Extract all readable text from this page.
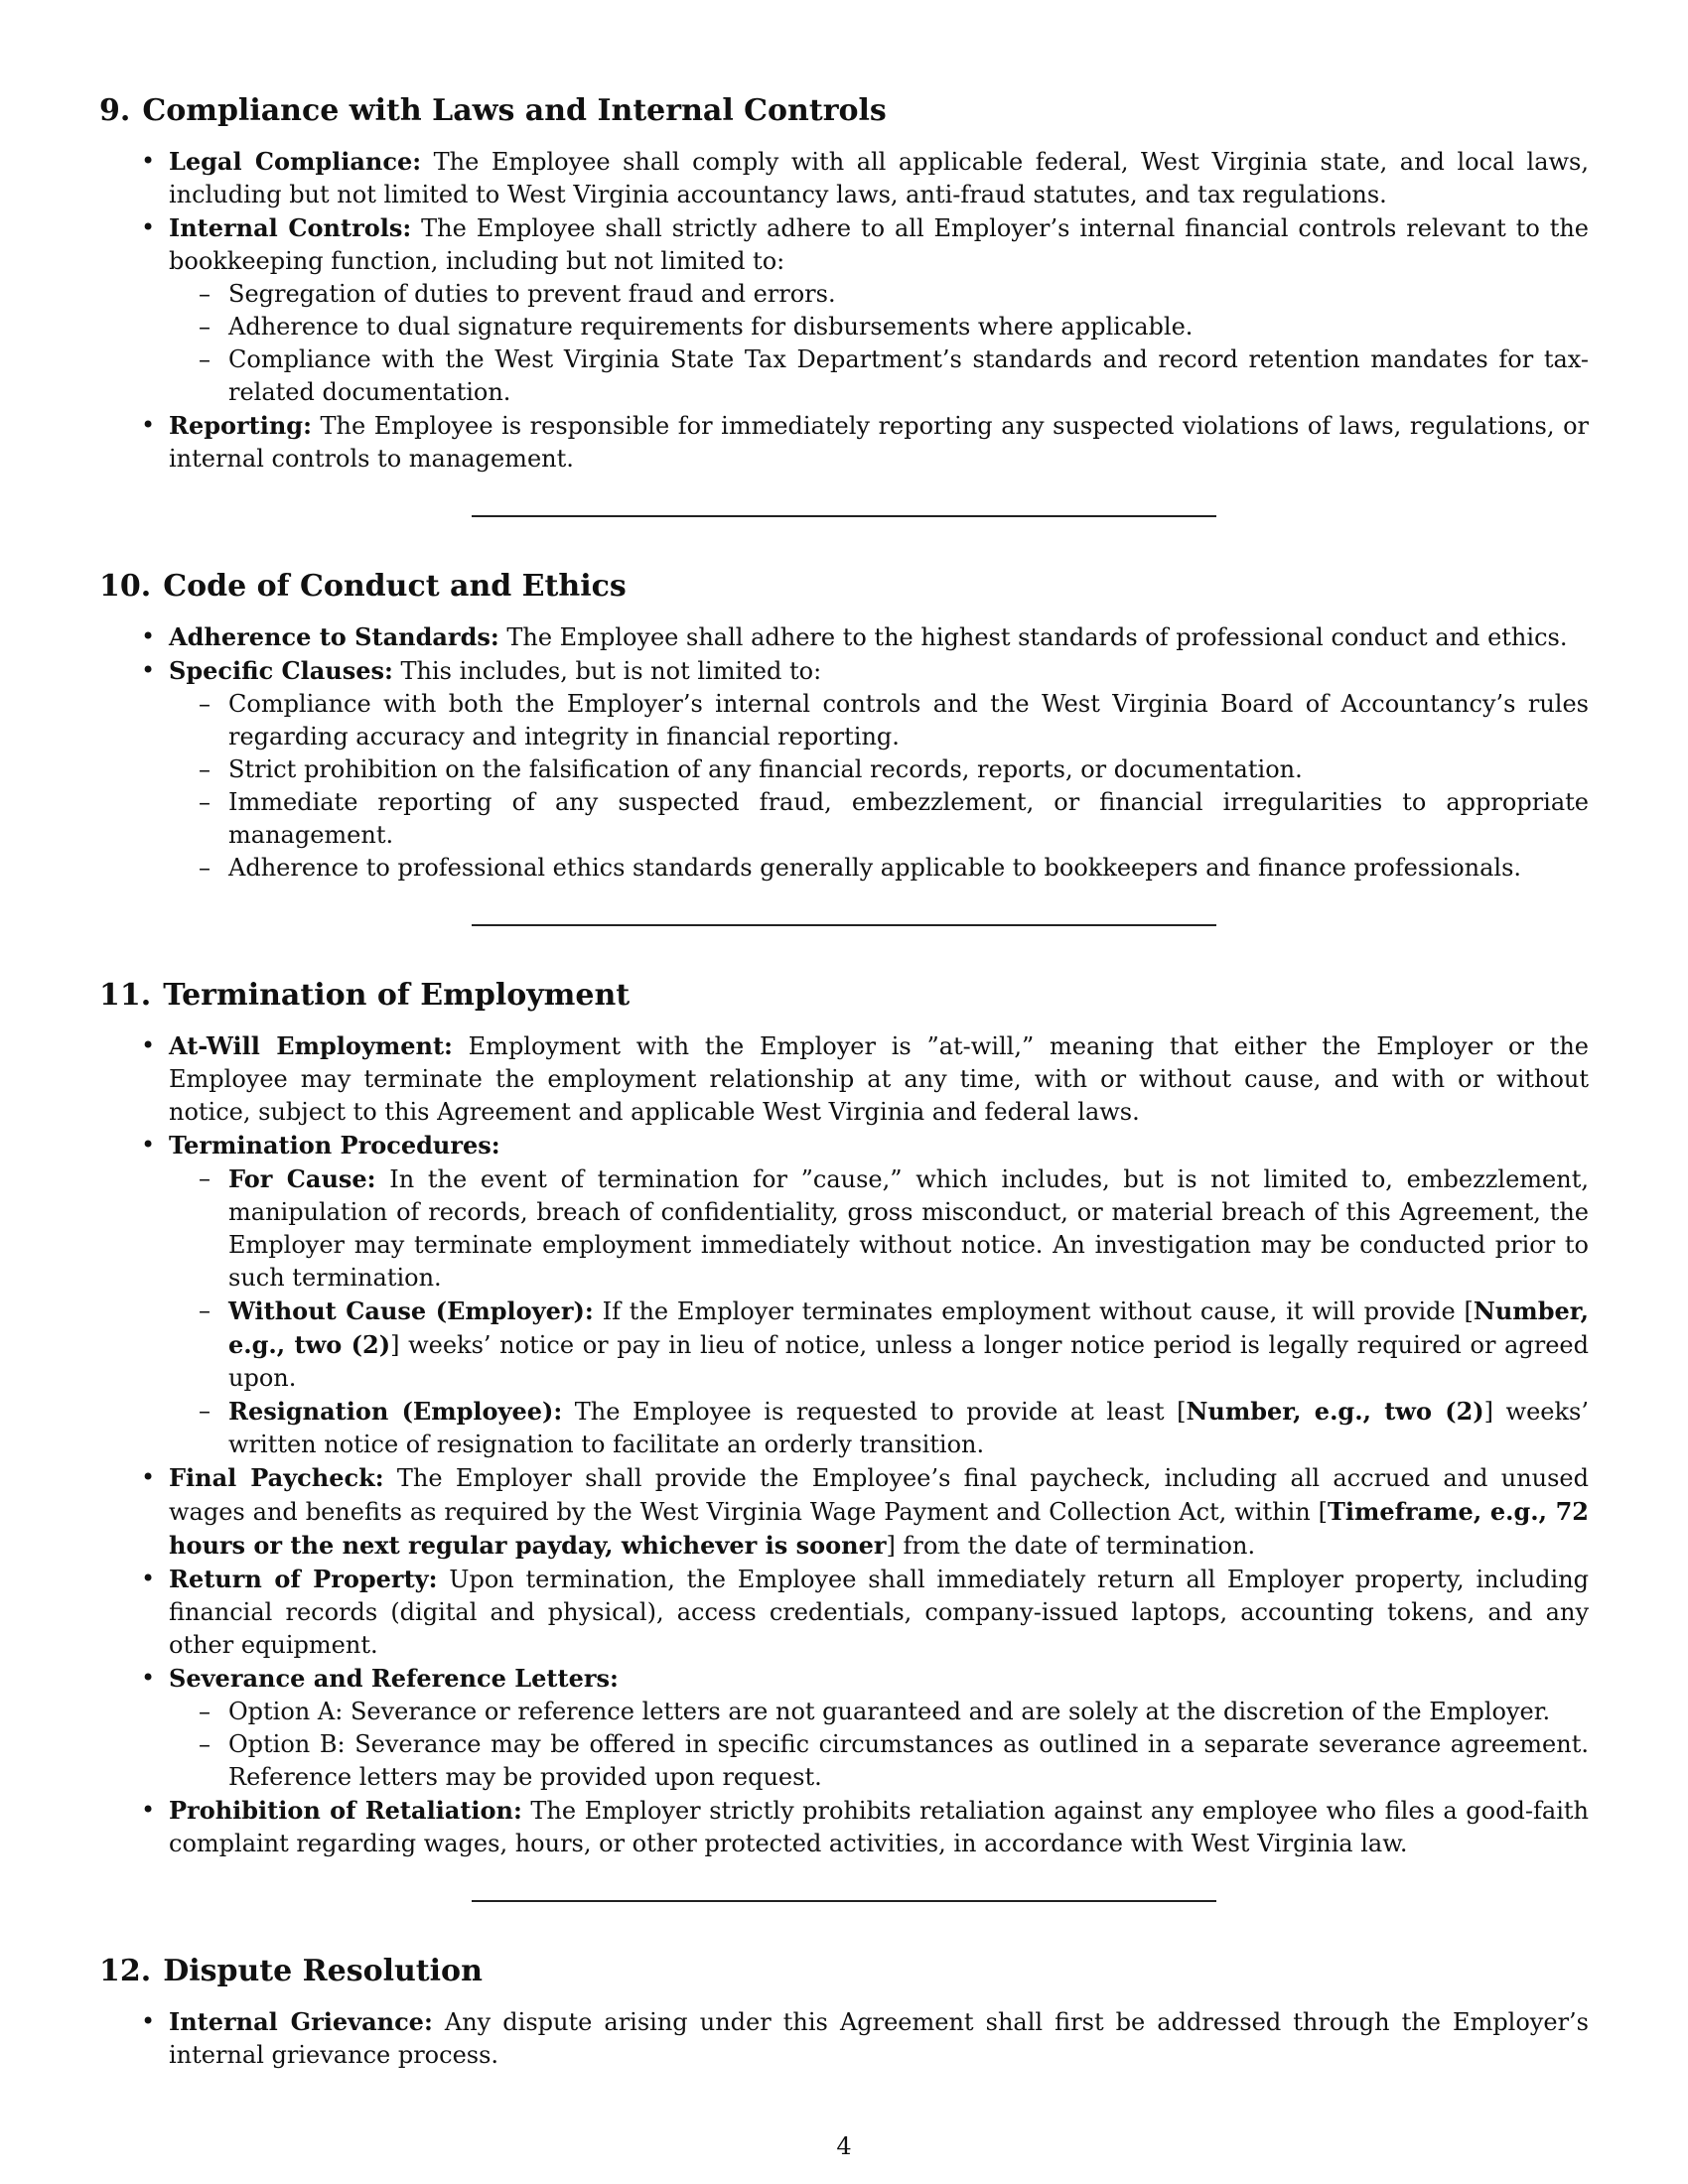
9. Compliance with Laws and Internal Controls
• Legal Compliance: The Employee shall comply with all applicable federal, West Virginia state, and local laws, including but not limited to West Virginia accountancy laws, anti-fraud statutes, and tax regulations.
• Internal Controls: The Employee shall strictly adhere to all Employer’s internal financial controls relevant to the bookkeeping function, including but not limited to:
– Segregation of duties to prevent fraud and errors.
– Adherence to dual signature requirements for disbursements where applicable.
– Compliance with the West Virginia State Tax Department’s standards and record retention mandates for tax-related documentation.
• Reporting: The Employee is responsible for immediately reporting any suspected violations of laws, regulations, or internal controls to management.
10. Code of Conduct and Ethics
• Adherence to Standards: The Employee shall adhere to the highest standards of professional conduct and ethics.
• Specific Clauses: This includes, but is not limited to:
– Compliance with both the Employer’s internal controls and the West Virginia Board of Accountancy’s rules regarding accuracy and integrity in financial reporting.
– Strict prohibition on the falsification of any financial records, reports, or documentation.
– Immediate reporting of any suspected fraud, embezzlement, or financial irregularities to appropriate management.
– Adherence to professional ethics standards generally applicable to bookkeepers and finance professionals.
11. Termination of Employment
• At-Will Employment: Employment with the Employer is ”at-will,” meaning that either the Employer or the Employee may terminate the employment relationship at any time, with or without cause, and with or without notice, subject to this Agreement and applicable West Virginia and federal laws.
• Termination Procedures:
– For Cause: In the event of termination for ”cause,” which includes, but is not limited to, embezzlement, manipulation of records, breach of confidentiality, gross misconduct, or material breach of this Agreement, the Employer may terminate employment immediately without notice. An investigation may be conducted prior to such termination.
– Without Cause (Employer): If the Employer terminates employment without cause, it will provide [Number, e.g., two (2)] weeks’ notice or pay in lieu of notice, unless a longer notice period is legally required or agreed upon.
– Resignation (Employee): The Employee is requested to provide at least [Number, e.g., two (2)] weeks’ written notice of resignation to facilitate an orderly transition.
• Final Paycheck: The Employer shall provide the Employee’s final paycheck, including all accrued and unused wages and benefits as required by the West Virginia Wage Payment and Collection Act, within [Timeframe, e.g., 72 hours or the next regular payday, whichever is sooner] from the date of termination.
• Return of Property: Upon termination, the Employee shall immediately return all Employer property, including financial records (digital and physical), access credentials, company-issued laptops, accounting tokens, and any other equipment.
• Severance and Reference Letters:
– Option A: Severance or reference letters are not guaranteed and are solely at the discretion of the Employer.
– Option B: Severance may be offered in specific circumstances as outlined in a separate severance agreement. Reference letters may be provided upon request.
• Prohibition of Retaliation: The Employer strictly prohibits retaliation against any employee who files a good-faith complaint regarding wages, hours, or other protected activities, in accordance with West Virginia law.
12. Dispute Resolution
• Internal Grievance: Any dispute arising under this Agreement shall first be addressed through the Employer’s internal grievance process.
4
